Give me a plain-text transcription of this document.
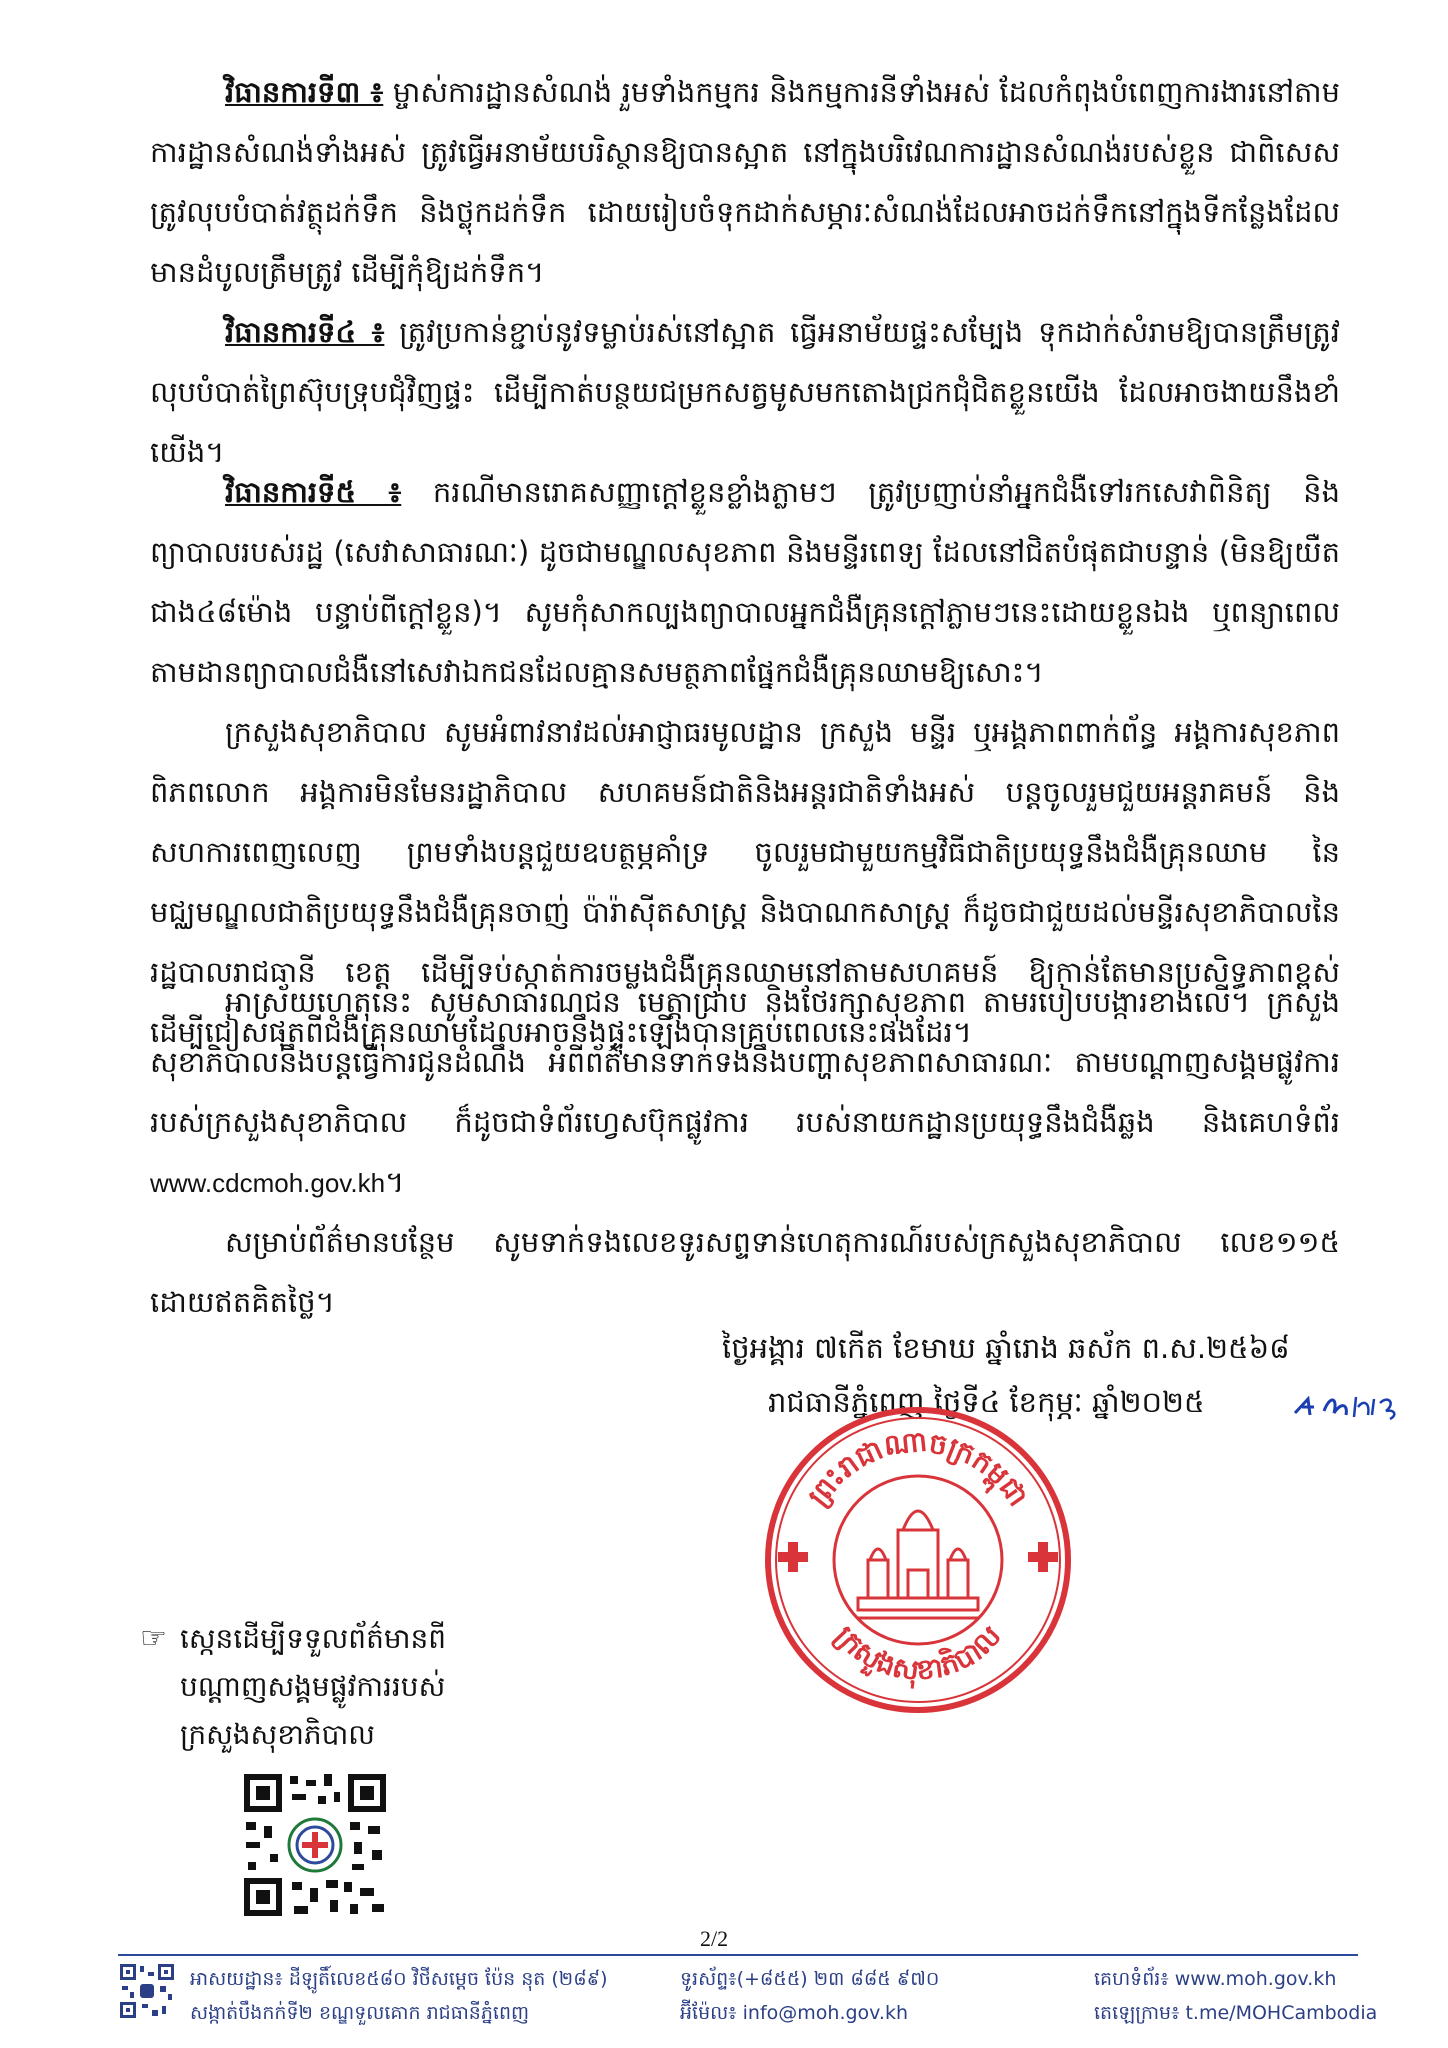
វិធានការទី៣ ៖ ម្ចាស់ការដ្ឋានសំណង់ រួមទាំងកម្មករ និងកម្មការនីទាំងអស់ ដែលកំពុងបំពេញការងារនៅតាមការដ្ឋានសំណង់ទាំងអស់ ត្រូវធ្វើអនាម័យបរិស្ថានឱ្យបានស្អាត នៅក្នុងបរិវេណការដ្ឋានសំណង់របស់ខ្លួន ជាពិសេសត្រូវលុបបំបាត់វត្ថុដក់ទឹក និងថ្លុកដក់ទឹក ដោយរៀបចំទុកដាក់សម្ភារៈសំណង់ដែលអាចដក់ទឹកនៅក្នុងទីកន្លែងដែលមានដំបូលត្រឹមត្រូវ ដើម្បីកុំឱ្យដក់ទឹក។

វិធានការទី៤ ៖ ត្រូវប្រកាន់ខ្ជាប់នូវទម្លាប់រស់នៅស្អាត ធ្វើអនាម័យផ្ទះសម្បែង ទុកដាក់សំរាមឱ្យបានត្រឹមត្រូវ លុបបំបាត់ព្រៃស៊ុបទ្រុបជុំវិញផ្ទះ ដើម្បីកាត់បន្ថយជម្រកសត្វមូសមកតោងជ្រកជុំជិតខ្លួនយើង ដែលអាចងាយនឹងខាំយើង។

វិធានការទី៥ ៖ ករណីមានរោគសញ្ញាក្ដៅខ្លួនខ្លាំងភ្លាមៗ ត្រូវប្រញាប់នាំអ្នកជំងឺទៅរកសេវាពិនិត្យ និងព្យាបាលរបស់រដ្ឋ (សេវាសាធារណៈ) ដូចជាមណ្ឌលសុខភាព និងមន្ទីរពេទ្យ ដែលនៅជិតបំផុតជាបន្ទាន់ (មិនឱ្យយឺតជាង៤៨ម៉ោង បន្ទាប់ពីក្ដៅខ្លួន)។ សូមកុំសាកល្បងព្យាបាលអ្នកជំងឺគ្រុនក្ដៅភ្លាមៗនេះដោយខ្លួនឯង ឬពន្យាពេលតាមដានព្យាបាលជំងឺនៅសេវាឯកជនដែលគ្មានសមត្ថភាពផ្នែកជំងឺគ្រុនឈាមឱ្យសោះ។

ក្រសួងសុខាភិបាល សូមអំពាវនាវដល់អាជ្ញាធរមូលដ្ឋាន ក្រសួង មន្ទីរ ឬអង្គភាពពាក់ព័ន្ធ អង្គការសុខភាពពិភពលោក អង្គការមិនមែនរដ្ឋាភិបាល សហគមន៍ជាតិនិងអន្តរជាតិទាំងអស់ បន្តចូលរួមជួយអន្តរាគមន៍ និងសហការពេញលេញ ព្រមទាំងបន្តជួយឧបត្ថម្ភគាំទ្រ ចូលរួមជាមួយកម្មវិធីជាតិប្រយុទ្ធនឹងជំងឺគ្រុនឈាម នៃមជ្ឈមណ្ឌលជាតិប្រយុទ្ធនឹងជំងឺគ្រុនចាញ់ ប៉ារ៉ាស៊ីតសាស្ត្រ និងបាណកសាស្ត្រ ក៏ដូចជាជួយដល់មន្ទីរសុខាភិបាលនៃរដ្ឋបាលរាជធានី ខេត្ត ដើម្បីទប់ស្កាត់ការចម្លងជំងឺគ្រុនឈាមនៅតាមសហគមន៍ ឱ្យកាន់តែមានប្រសិទ្ធភាពខ្ពស់ ដើម្បីជៀសផុតពីជំងឺគ្រុនឈាមដែលអាចនឹងផ្ទុះឡើងបានគ្រប់ពេលនេះផងដែរ។

អាស្រ័យហេតុនេះ សូមសាធារណជន មេត្តាជ្រាប និងថែរក្សាសុខភាព តាមរបៀបបង្ការខាងលើ។ ក្រសួងសុខាភិបាលនឹងបន្តធ្វើការជូនដំណឹង អំពីព័ត៌មានទាក់ទងនឹងបញ្ហាសុខភាពសាធារណៈ តាមបណ្ដាញសង្គមផ្លូវការរបស់ក្រសួងសុខាភិបាល ក៏ដូចជាទំព័រហ្វេសប៊ុកផ្លូវការ របស់នាយកដ្ឋានប្រយុទ្ធនឹងជំងឺឆ្លង និងគេហទំព័រ www.cdcmoh.gov.kh។

សម្រាប់ព័ត៌មានបន្ថែម សូមទាក់ទងលេខទូរសព្ទទាន់ហេតុការណ៍របស់ក្រសួងសុខាភិបាល លេខ១១៥ ដោយឥតគិតថ្លៃ។

ថ្ងៃអង្គារ ៧កើត ខែមាឃ ឆ្នាំរោង ឆស័ក ព.ស.២៥៦៨
រាជធានីភ្នំពេញ ថ្ងៃទី៤ ខែកុម្ភៈ ឆ្នាំ២០២៥
ព្រះរាជាណាចក្រកម្ពុជា
ក្រសួងសុខាភិបាល
☞ ស្កេនដើម្បីទទួលព័ត៌មានពី
បណ្ដាញសង្គមផ្លូវការរបស់
ក្រសួងសុខាភិបាល
2/2
អាសយដ្ឋាន៖ ដីឡូតិ៍លេខ៥៨០ វិថីសម្ដេច ប៉ែន នុត (២៨៩)
សង្កាត់បឹងកក់ទី២ ខណ្ឌទួលគោក រាជធានីភ្នំពេញ
ទូរស័ព្ទ៖(+៨៥៥) ២៣ ៨៨៥ ៩៧០
អ៊ីម៉ែល៖ info@moh.gov.kh
គេហទំព័រ៖ www.moh.gov.kh
តេឡេក្រាម៖ t.me/MOHCambodia
